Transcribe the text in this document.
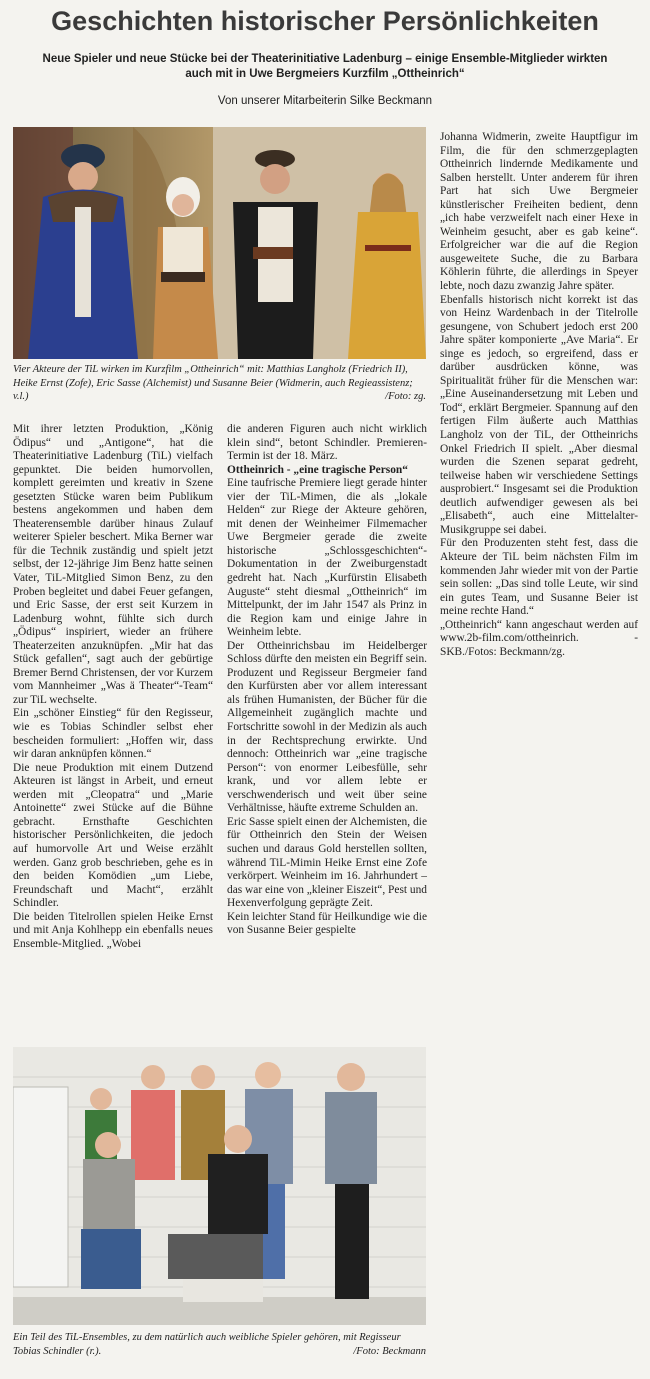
Geschichten historischer Persönlichkeiten
Neue Spieler und neue Stücke bei der Theaterinitiative Ladenburg – einige Ensemble-Mitglieder wirkten auch mit in Uwe Bergmeiers Kurzfilm „Ottheinrich“
Von unserer Mitarbeiterin Silke Beckmann
Vier Akteure der TiL wirken im Kurzfilm „Ottheinrich“ mit: Matthias Langholz (Friedrich II), Heike Ernst (Zofe), Eric Sasse (Alchemist) und Susanne Beier (Widmerin, auch Regieassistenz; v.l.)	/Foto: zg.

Mit ihrer letzten Produktion, „König Ödipus“ und „Antigone“, hat die Theaterinitiative Ladenburg (TiL) vielfach gepunktet. Die beiden humorvollen, komplett gereimten und kreativ in Szene gesetzten Stücke waren beim Publikum bestens angekommen und haben dem Theaterensemble darüber hinaus Zulauf weiterer Spieler beschert. Mika Berner war für die Technik zuständig und spielt jetzt selbst, der 12-jährige Jim Benz hatte seinen Vater, TiL-Mitglied Simon Benz, zu den Proben begleitet und dabei Feuer gefangen, und Eric Sasse, der erst seit Kurzem in Ladenburg wohnt, fühlte sich durch „Ödipus“ inspiriert, wieder an frühere Theaterzeiten anzuknüpfen. „Mir hat das Stück gefallen“, sagt auch der gebürtige Bremer Bernd Christensen, der vor Kurzem vom Mannheimer „Was ä Theater“-Team“ zur TiL wechselte.

Ein „schöner Einstieg“ für den Regisseur, wie es Tobias Schindler selbst eher bescheiden formuliert: „Hoffen wir, dass wir daran anknüpfen können.“

Die neue Produktion mit einem Dutzend Akteuren ist längst in Arbeit, und erneut werden mit „Cleopatra“ und „Marie Antoinette“ zwei Stücke auf die Bühne gebracht. Ernsthafte Geschichten historischer Persönlichkeiten, die jedoch auf humorvolle Art und Weise erzählt werden. Ganz grob beschrieben, gehe es in den beiden Komödien „um Liebe, Freundschaft und Macht“, erzählt Schindler.

Die beiden Titelrollen spielen Heike Ernst und mit Anja Kohlhepp ein ebenfalls neues Ensemble-Mitglied. „Wobei

die anderen Figuren auch nicht wirklich klein sind“, betont Schindler. Premieren-Termin ist der 18. März.

Ottheinrich - „eine tragische Person“

Eine taufrische Premiere liegt gerade hinter vier der TiL-Mimen, die als „lokale Helden“ zur Riege der Akteure gehören, mit denen der Weinheimer Filmemacher Uwe Bergmeier gerade die zweite historische „Schlossgeschichten“-Dokumentation in der Zweiburgenstadt gedreht hat. Nach „Kurfürstin Elisabeth Auguste“ steht diesmal „Ottheinrich“ im Mittelpunkt, der im Jahr 1547 als Prinz in die Region kam und einige Jahre in Weinheim lebte.

Der Ottheinrichsbau im Heidelberger Schloss dürfte den meisten ein Begriff sein. Produzent und Regisseur Bergmeier fand den Kurfürsten aber vor allem interessant als frühen Humanisten, der Bücher für die Allgemeinheit zugänglich machte und Fortschritte sowohl in der Medizin als auch in der Rechtsprechung erwirkte. Und dennoch: Ottheinrich war „eine tragische Person“: von enormer Leibesfülle, sehr krank, und vor allem lebte er verschwenderisch und weit über seine Verhältnisse, häufte extreme Schulden an.

Eric Sasse spielt einen der Alchemisten, die für Ottheinrich den Stein der Weisen suchen und daraus Gold herstellen sollten, während TiL-Mimin Heike Ernst eine Zofe verkörpert. Weinheim im 16. Jahrhundert – das war eine von „kleiner Eiszeit“, Pest und Hexenverfolgung geprägte Zeit.

Kein leichter Stand für Heilkundige wie die von Susanne Beier gespielte

Johanna Widmerin, zweite Hauptfigur im Film, die für den schmerzgeplagten Ottheinrich lindernde Medikamente und Salben herstellt. Unter anderem für ihren Part hat sich Uwe Bergmeier künstlerischer Freiheiten bedient, denn „ich habe verzweifelt nach einer Hexe in Weinheim gesucht, aber es gab keine“. Erfolgreicher war die auf die Region ausgeweitete Suche, die zu Barbara Köhlerin führte, die allerdings in Speyer lebte, noch dazu zwanzig Jahre später.

Ebenfalls historisch nicht korrekt ist das von Heinz Wardenbach in der Titelrolle gesungene, von Schubert jedoch erst 200 Jahre später komponierte „Ave Maria“. Er singe es jedoch, so ergreifend, dass er darüber ausdrücken könne, was Spiritualität früher für die Menschen war: „Eine Auseinandersetzung mit Leben und Tod“, erklärt Bergmeier. Spannung auf den fertigen Film äußerte auch Matthias Langholz von der TiL, der Ottheinrichs Onkel Friedrich II spielt. „Aber diesmal wurden die Szenen separat gedreht, teilweise haben wir verschiedene Settings ausprobiert.“ Insgesamt sei die Produktion deutlich aufwendiger gewesen als bei „Elisabeth“, auch eine Mittelalter-Musikgruppe sei dabei.

Für den Produzenten steht fest, dass die Akteure der TiL beim nächsten Film im kommenden Jahr wieder mit von der Partie sein sollen: „Das sind tolle Leute, wir sind ein gutes Team, und Susanne Beier ist meine rechte Hand.“

„Ottheinrich“ kann angeschaut werden auf www.2b-film.com/ottheinrich. -SKB./Fotos: Beckmann/zg.

Ein Teil des TiL-Ensembles, zu dem natürlich auch weibliche Spieler gehören, mit Regisseur Tobias Schindler (r.).	/Foto: Beckmann
